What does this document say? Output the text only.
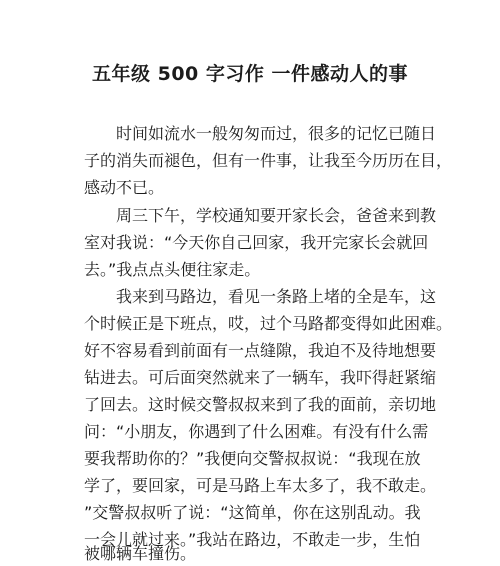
五年级 500 字习作 一件感动人的事
时间如流水一般匆匆而过，很多的记忆已随日
子的消失而褪色，但有一件事，让我至今历历在目，
感动不已。
周三下午，学校通知要开家长会，爸爸来到教
室对我说：“今天你自己回家，我开完家长会就回
去。”我点点头便往家走。
我来到马路边，看见一条路上堵的全是车，这
个时候正是下班点，哎，过个马路都变得如此困难。
好不容易看到前面有一点缝隙，我迫不及待地想要
钻进去。可后面突然就来了一辆车，我吓得赶紧缩
了回去。这时候交警叔叔来到了我的面前，亲切地
问：“小朋友，你遇到了什么困难。有没有什么需
要我帮助你的？”我便向交警叔叔说：“我现在放
学了，要回家，可是马路上车太多了，我不敢走。
”交警叔叔听了说：“这简单，你在这别乱动。我
一会儿就过来。”我站在路边，不敢走一步，生怕
被哪辆车撞伤。
